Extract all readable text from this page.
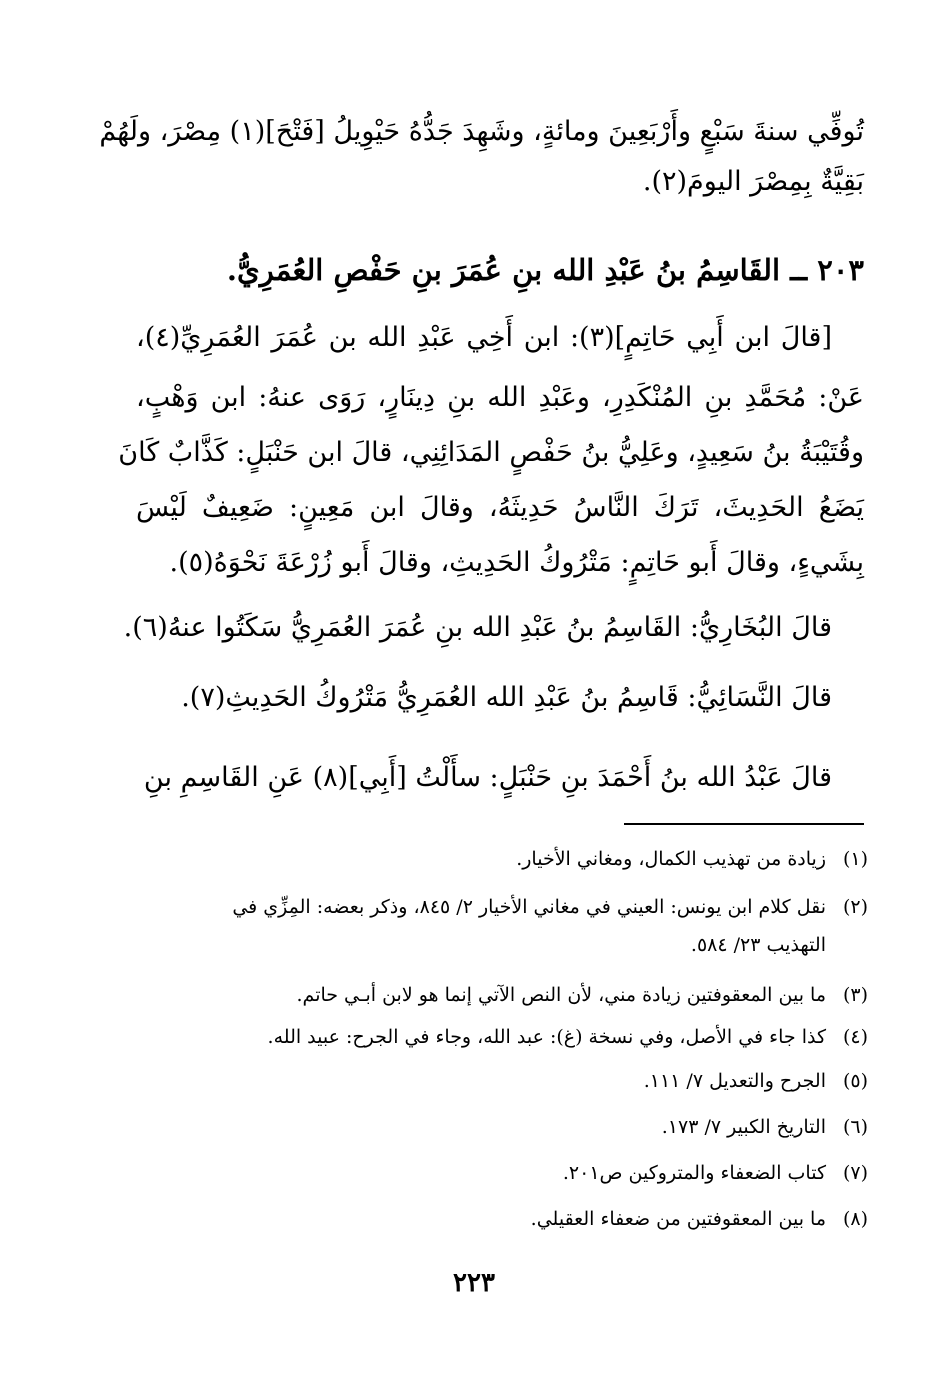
تُوفِّي سنةَ سَبْعٍ وأَرْبَعِينَ ومائةٍ، وشَهِدَ جَدُّهُ حَيْوِيلُ [فَتْحَ](١) مِصْرَ، ولَهُمْ
بَقِيَّةٌ بِمِصْرَ اليومَ(٢).
٢٠٣ ــ القَاسِمُ بنُ عَبْدِ الله بنِ عُمَرَ بنِ حَفْصِ العُمَرِيُّ.
[قالَ ابن أَبِي حَاتِمٍ](٣): ابن أَخِي عَبْدِ الله بن عُمَرَ العُمَرِيِّ(٤)،
عَنْ: مُحَمَّدِ بنِ المُنْكَدِرِ، وعَبْدِ الله بنِ دِينَارٍ، رَوَى عنهُ: ابن وَهْبٍ،
وقُتَيْبَةُ بنُ سَعِيدٍ، وعَلِيُّ بنُ حَفْصٍ المَدَائِنِي، قالَ ابن حَنْبَلٍ: كَذَّابٌ كَانَ
يَضَعُ الحَدِيثَ، تَرَكَ النَّاسُ حَدِيثَهُ، وقالَ ابن مَعِينٍ: ضَعِيفٌ لَيْسَ
بِشَيءٍ، وقالَ أَبو حَاتِمٍ: مَتْرُوكُ الحَدِيثِ، وقالَ أَبو زُرْعَةَ نَحْوَهُ(٥).
قالَ البُخَارِيُّ: القَاسِمُ بنُ عَبْدِ الله بنِ عُمَرَ العُمَرِيُّ سَكَتُوا عنهُ(٦).
قالَ النَّسَائِيُّ: قَاسِمُ بنُ عَبْدِ الله العُمَرِيُّ مَتْرُوكُ الحَدِيثِ(٧).
قالَ عَبْدُ الله بنُ أَحْمَدَ بنِ حَنْبَلٍ: سأَلْتُ [أَبِي](٨) عَنِ القَاسِمِ بنِ
(١)زيادة من تهذيب الكمال، ومغاني الأخيار.
(٢)نقل كلام ابن يونس: العيني في مغاني الأخيار ٢/ ٨٤٥، وذكر بعضه: المِزِّي في
التهذيب ٢٣/ ٥٨٤.
(٣)ما بين المعقوفتين زيادة مني، لأن النص الآتي إنما هو لابن أبـي حاتم.
(٤)كذا جاء في الأصل، وفي نسخة (غ): عبد الله، وجاء في الجرح: عبيد الله.
(٥)الجرح والتعديل ٧/ ١١١.
(٦)التاريخ الكبير ٧/ ١٧٣.
(٧)كتاب الضعفاء والمتروكين ص٢٠١.
(٨)ما بين المعقوفتين من ضعفاء العقيلي.
٢٢٣
